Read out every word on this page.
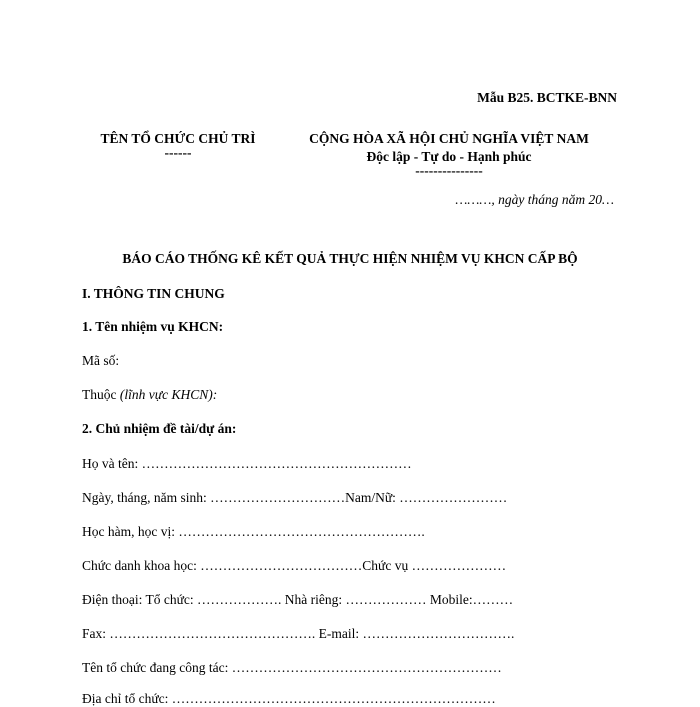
Mẫu B25. BCTKE-BNN
TÊN TỔ CHỨC CHỦ TRÌ
------
CỘNG HÒA XÃ HỘI CHỦ NGHĨA VIỆT NAM
Độc lập - Tự do - Hạnh phúc
---------------
………, ngày tháng năm 20…
BÁO CÁO THỐNG KÊ KẾT QUẢ THỰC HIỆN NHIỆM VỤ KHCN CẤP BỘ
I. THÔNG TIN CHUNG
1. Tên nhiệm vụ KHCN:
Mã số:
Thuộc (lĩnh vực KHCN):
2. Chủ nhiệm đề tài/dự án:
Họ và tên: ……………………………………………………
Ngày, tháng, năm sinh: …………………………Nam/Nữ: ……………………
Học hàm, học vị: ……………………………………………….
Chức danh khoa học: ………………………………Chức vụ …………………
Điện thoại: Tổ chức: ………………. Nhà riêng: ……………… Mobile:………
Fax: ………………………………………. E-mail: …………………………….
Tên tổ chức đang công tác: ……………………………………………………
Địa chỉ tổ chức: ………………………………………………………………
